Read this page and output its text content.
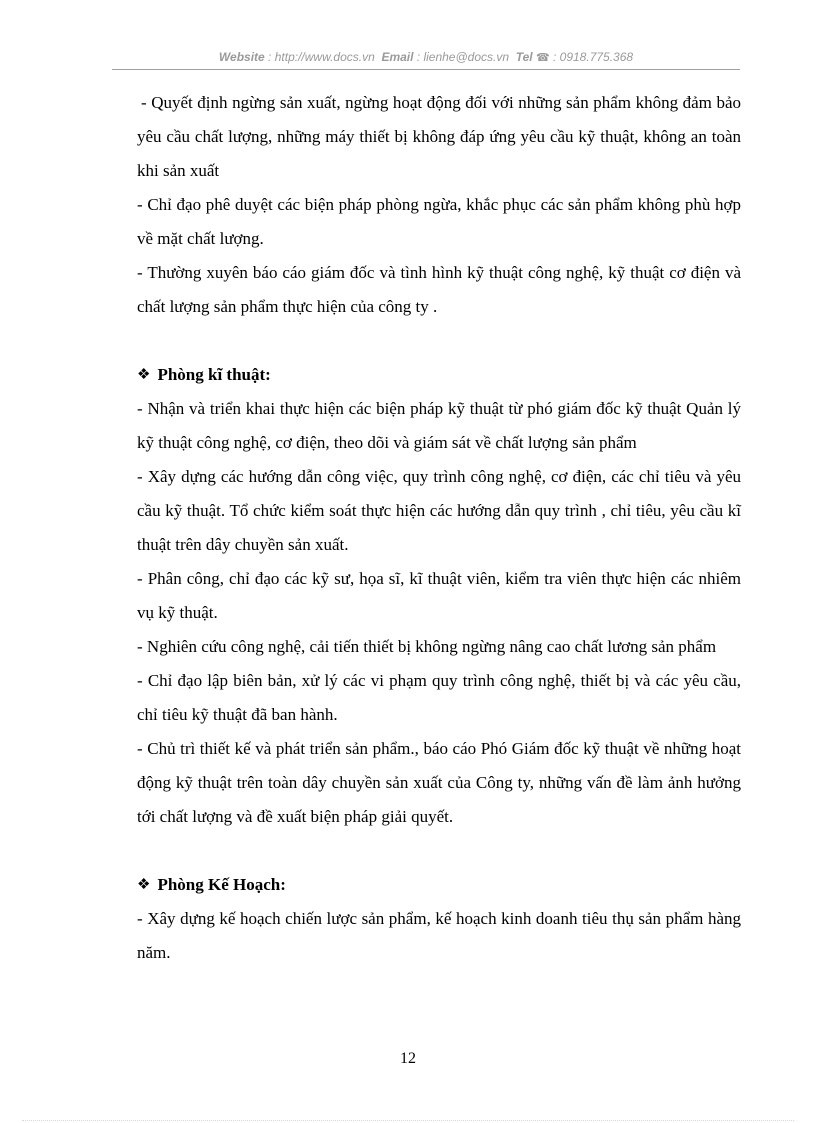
Website : http://www.docs.vn Email : lienhe@docs.vn Tel ☎ : 0918.775.368

- Quyết định ngừng sản xuất, ngừng hoạt động đối với những sản phẩm không đảm bảo yêu cầu chất lượng, những máy thiết bị không đáp ứng yêu cầu kỹ thuật, không an toàn khi sản xuất

- Chỉ đạo phê duyệt các biện pháp phòng ngừa, khắc phục các sản phẩm không phù hợp về mặt chất lượng.

- Thường xuyên báo cáo giám đốc và tình hình kỹ thuật công nghệ, kỹ thuật cơ điện và chất lượng sản phẩm thực hiện của công ty .

❖ Phòng kĩ thuật:

- Nhận và triển khai thực hiện các biện pháp kỹ thuật từ phó giám đốc kỹ thuật Quản lý kỹ thuật công nghệ, cơ điện, theo dõi và giám sát về chất lượng sản phẩm

- Xây dựng các hướng dẫn công việc, quy trình công nghệ, cơ điện, các chỉ tiêu và yêu cầu kỹ thuật. Tổ chức kiểm soát thực hiện các hướng dẫn quy trình , chỉ tiêu, yêu cầu kĩ thuật trên dây chuyền sản xuất.

- Phân công, chỉ đạo các kỹ sư, họa sĩ, kĩ thuật viên, kiểm tra viên thực hiện các nhiêm vụ kỹ thuật.

- Nghiên cứu công nghệ, cải tiến thiết bị không ngừng nâng cao chất lương sản phẩm

- Chỉ đạo lập biên bản, xử lý các vi phạm quy trình công nghệ, thiết bị và các yêu cầu, chỉ tiêu kỹ thuật đã ban hành.

- Chủ trì thiết kế và phát triển sản phẩm., báo cáo Phó Giám đốc kỹ thuật về những hoạt động kỹ thuật trên toàn dây chuyền sản xuất của Công ty, những vấn đề làm ảnh hưởng tới chất lượng và đề xuất biện pháp giải quyết.

❖ Phòng Kế Hoạch:

- Xây dựng kế hoạch chiến lược sản phẩm, kế hoạch kinh doanh tiêu thụ sản phẩm hàng năm.

12
